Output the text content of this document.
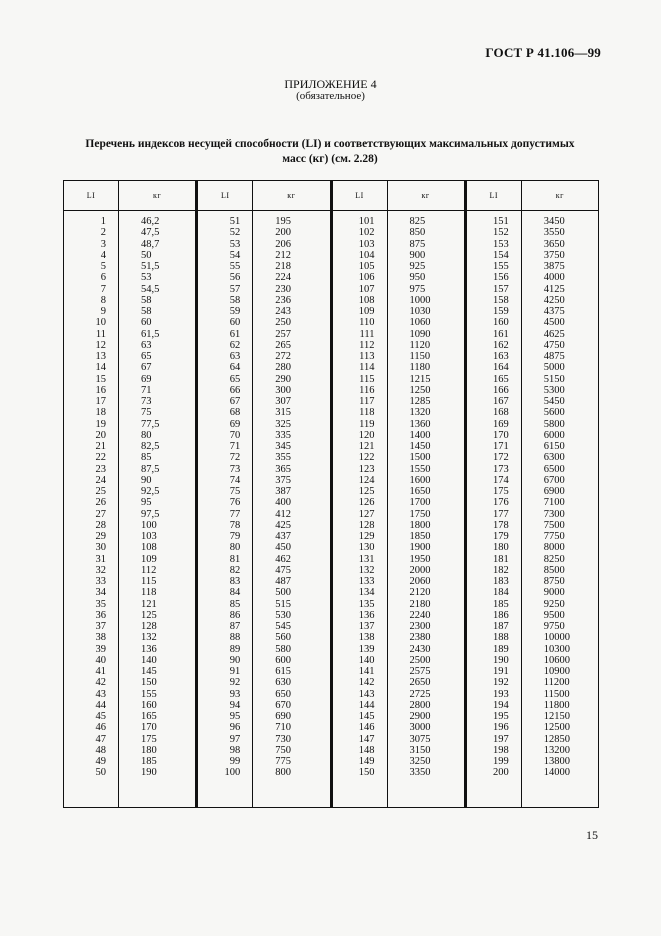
ГОСТ Р 41.106—99
ПРИЛОЖЕНИЕ 4
(обязательное)
Перечень индексов несущей способности (LI) и соответствующих максимальных допустимых
масс (кг) (см. 2.28)
LI
1
2
3
4
5
6
7
8
9
10
11
12
13
14
15
16
17
18
19
20
21
22
23
24
25
26
27
28
29
30
31
32
33
34
35
36
37
38
39
40
41
42
43
44
45
46
47
48
49
50
кг
46,2
47,5
48,7
50
51,5
53
54,5
58
58
60
61,5
63
65
67
69
71
73
75
77,5
80
82,5
85
87,5
90
92,5
95
97,5
100
103
108
109
112
115
118
121
125
128
132
136
140
145
150
155
160
165
170
175
180
185
190
LI
51
52
53
54
55
56
57
58
59
60
61
62
63
64
65
66
67
68
69
70
71
72
73
74
75
76
77
78
79
80
81
82
83
84
85
86
87
88
89
90
91
92
93
94
95
96
97
98
99
100
кг
195
200
206
212
218
224
230
236
243
250
257
265
272
280
290
300
307
315
325
335
345
355
365
375
387
400
412
425
437
450
462
475
487
500
515
530
545
560
580
600
615
630
650
670
690
710
730
750
775
800
LI
101
102
103
104
105
106
107
108
109
110
111
112
113
114
115
116
117
118
119
120
121
122
123
124
125
126
127
128
129
130
131
132
133
134
135
136
137
138
139
140
141
142
143
144
145
146
147
148
149
150
кг
825
850
875
900
925
950
975
1000
1030
1060
1090
1120
1150
1180
1215
1250
1285
1320
1360
1400
1450
1500
1550
1600
1650
1700
1750
1800
1850
1900
1950
2000
2060
2120
2180
2240
2300
2380
2430
2500
2575
2650
2725
2800
2900
3000
3075
3150
3250
3350
LI
151
152
153
154
155
156
157
158
159
160
161
162
163
164
165
166
167
168
169
170
171
172
173
174
175
176
177
178
179
180
181
182
183
184
185
186
187
188
189
190
191
192
193
194
195
196
197
198
199
200
кг
3450
3550
3650
3750
3875
4000
4125
4250
4375
4500
4625
4750
4875
5000
5150
5300
5450
5600
5800
6000
6150
6300
6500
6700
6900
7100
7300
7500
7750
8000
8250
8500
8750
9000
9250
9500
9750
10000
10300
10600
10900
11200
11500
11800
12150
12500
12850
13200
13800
14000
15
